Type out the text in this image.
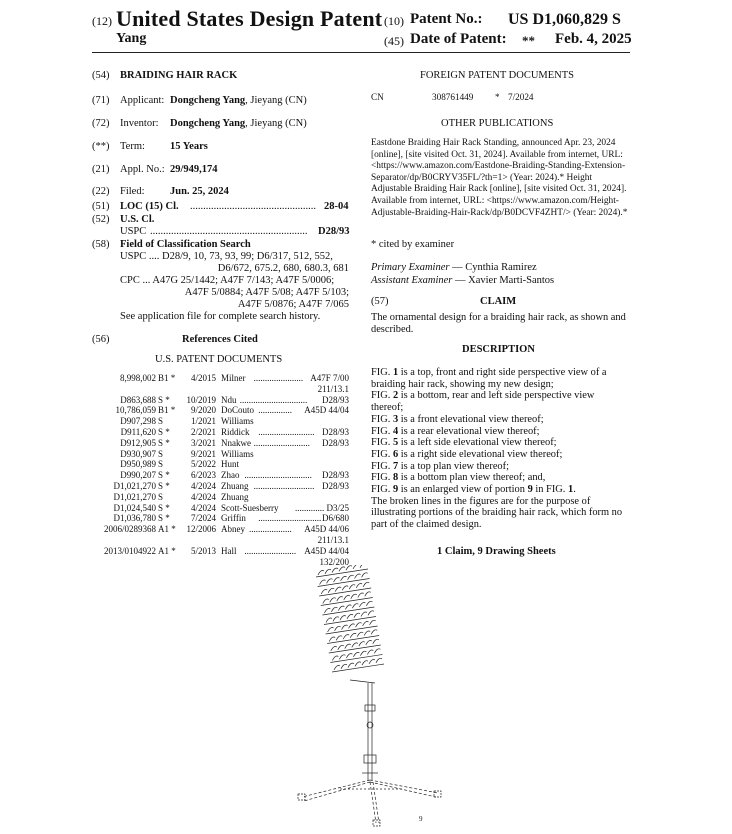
(12) United States Design Patent
Yang
(10) Patent No.: US D1,060,829 S
(45) Date of Patent: ** Feb. 4, 2025
(54) BRAIDING HAIR RACK
(71) Applicant: Dongcheng Yang, Jieyang (CN)
(72) Inventor: Dongcheng Yang, Jieyang (CN)
(**) Term: 15 Years
(21) Appl. No.: 29/949,174
(22) Filed: Jun. 25, 2024
(51) LOC (15) Cl. ................................................ 28-04
(52) U.S. Cl.
USPC ............................................................	D28/93
(58) Field of Classification Search
USPC .... D28/9, 10, 73, 93, 99; D6/317, 512, 552,
D6/672, 675.2, 680, 680.3, 681
CPC ... A47G 25/1442; A47F 7/143; A47F 5/0006;
A47F 5/0884; A47F 5/08; A47F 5/103;
A47F 5/0876; A47F 7/065
See application file for complete search history.
(56)	References Cited
U.S. PATENT DOCUMENTS
8,998,002 B1 * 4/2015 Milner ...................... A47F 7/00
211/13.1
D863,688 S * 10/2019 Ndu ..............................	D28/93
10,786,059 B1 * 9/2020 DoCouto ...............	A45D 44/04
D907,298 S	1/2021 Williams
D911,620 S * 2/2021 Riddick ......................... D28/93
D912,905 S * 3/2021 Nnakwe .........................	D28/93
D930,907 S	9/2021 Williams
D950,989 S	5/2022 Hunt
D990,207 S * 6/2023 Zhao ..............................	D28/93
D1,021,270 S * 4/2024 Zhuang ........................... D28/93
D1,021,270 S	4/2024 Zhuang
D1,024,540 S * 4/2024 Scott-Suesberry ............. D3/25
D1,036,780 S * 7/2024 Griffin ............................ D6/680
2006/0289368 A1 * 12/2006 Abney ...................	A45D 44/06
211/13.1
2013/0104922 A1 * 5/2013 Hall ....................... A45D 44/04
132/200
FOREIGN PATENT DOCUMENTS
CN	308761449 * 7/2024
OTHER PUBLICATIONS
Eastdone Braiding Hair Rack Standing, announced Apr. 23, 2024 [online], [site visited Oct. 31, 2024]. Available from internet, URL: <https://www.amazon.com/Eastdone-Braiding-Standing-Extension-Separator/dp/B0CRYV35FL/?th=1> (Year: 2024).* Height Adjustable Braiding Hair Rack [online], [site visited Oct. 31, 2024]. Available from internet, URL: <https://www.amazon.com/Height-Adjustable-Braiding-Hair-Rack/dp/B0DCVF4ZHT/> (Year: 2024).*
* cited by examiner
Primary Examiner — Cynthia Ramirez
Assistant Examiner — Xavier Marti-Santos
(57)	CLAIM
The ornamental design for a braiding hair rack, as shown and described.
DESCRIPTION
FIG. 1 is a top, front and right side perspective view of a braiding hair rack, showing my new design;
FIG. 2 is a bottom, rear and left side perspective view thereof;
FIG. 3 is a front elevational view thereof;
FIG. 4 is a rear elevational view thereof;
FIG. 5 is a left side elevational view thereof;
FIG. 6 is a right side elevational view thereof;
FIG. 7 is a top plan view thereof;
FIG. 8 is a bottom plan view thereof; and,
FIG. 9 is an enlarged view of portion 9 in FIG. 1.
The broken lines in the figures are for the purpose of illustrating portions of the braiding hair rack, which form no part of the claimed design.
1 Claim, 9 Drawing Sheets
9
